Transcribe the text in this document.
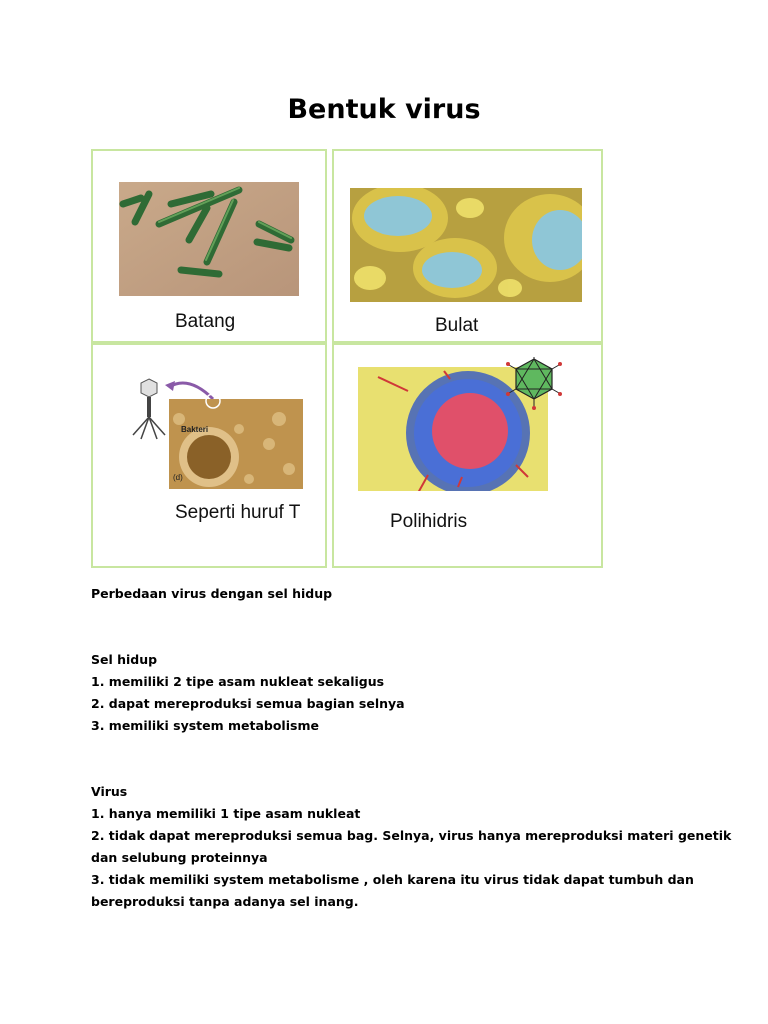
Bentuk virus
Batang	Bulat
Bakteri
(d)
Seperti huruf T	Polihidris
Perbedaan virus dengan sel hidup
Sel hidup
1. memiliki 2 tipe asam nukleat sekaligus
2. dapat mereproduksi semua bagian selnya
3. memiliki system metabolisme
Virus
1. hanya memiliki 1 tipe asam nukleat
2. tidak dapat mereproduksi semua bag. Selnya, virus hanya mereproduksi materi genetik
dan selubung proteinnya
3. tidak memiliki system metabolisme , oleh karena itu virus tidak dapat tumbuh dan
bereproduksi tanpa adanya sel inang.
